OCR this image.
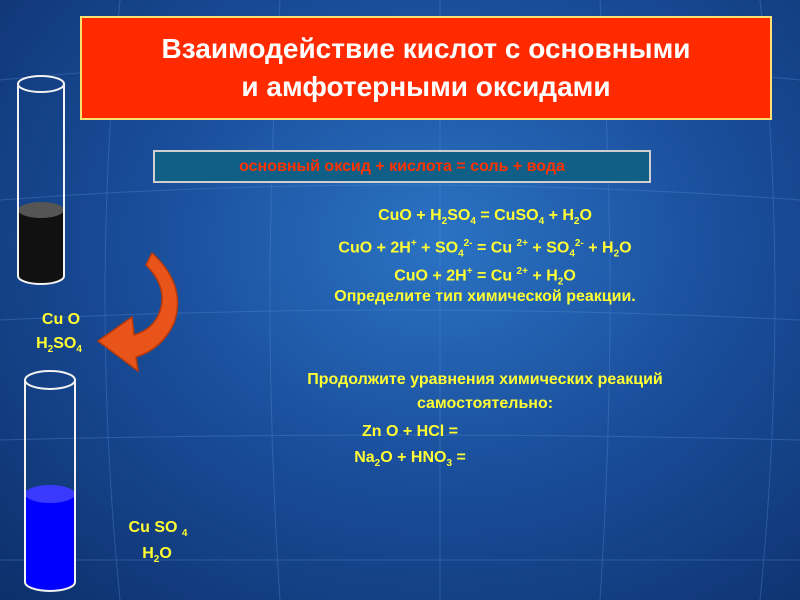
Взаимодействие кислот с основными
и амфотерными оксидами
основный оксид + кислота = соль + вода
CuO + $H_2SO_4$ = CuSO$_4$ + $H_2O$
CuO + $2H^+ + SO_4^{2-} = Cu$ $^{2+} + SO_4^{2-} + H_2O$
CuO + 2H+ = Cu $^{2+} + H_2O$
Определите тип химической реакции.
Продолжите уравнения химических реакций
самостоятельно:
Zn O + HCl =
$Na_2O + HNO_3$ =
Cu O
$H_2SO_4$
Cu SO $_4$
$H_2O$
